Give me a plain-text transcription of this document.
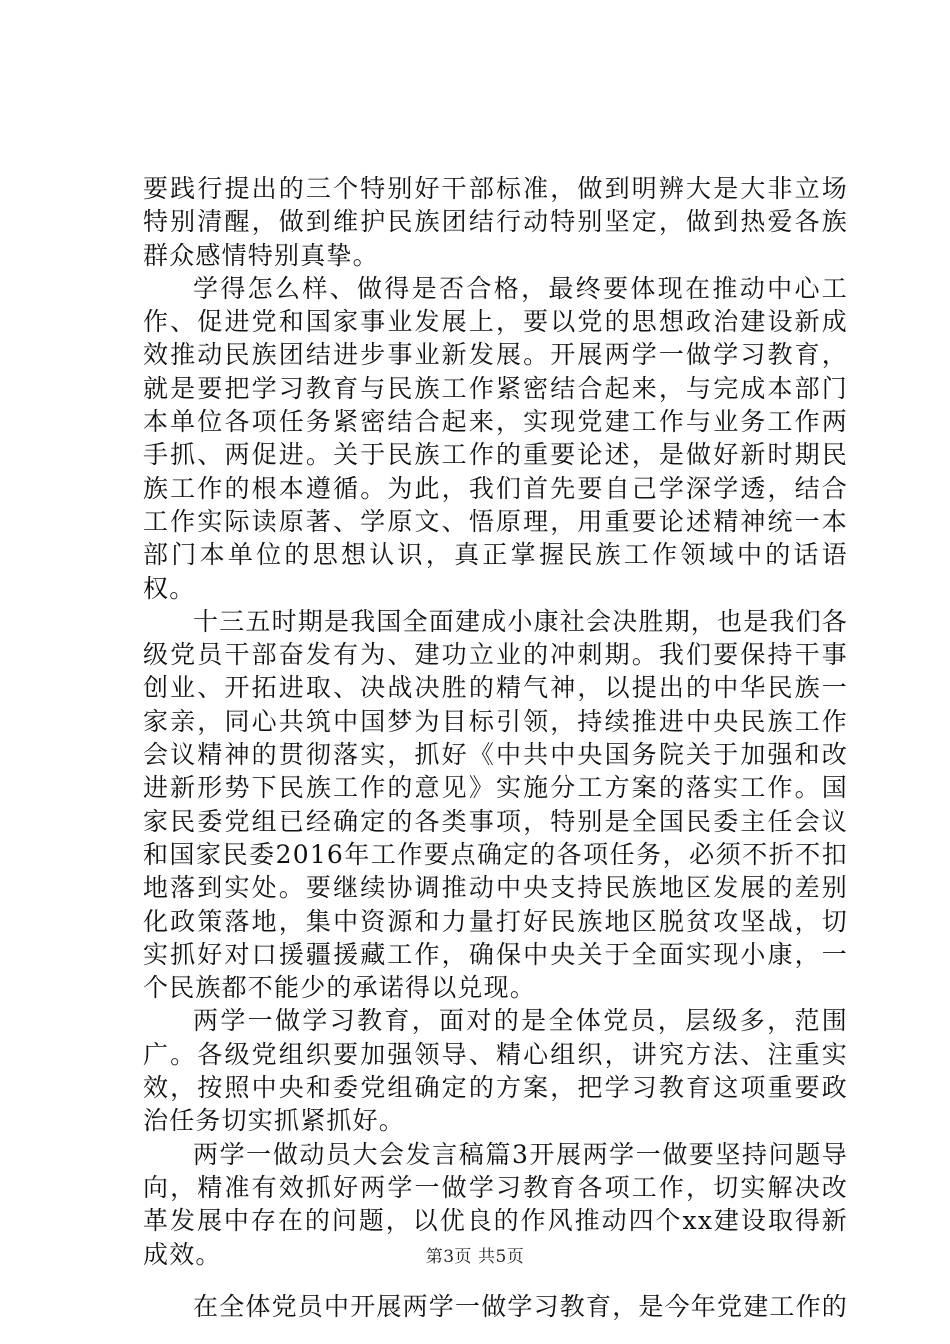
要践行提出的三个特别好干部标准，做到明辨大是大非立场特别清醒，做到维护民族团结行动特别坚定，做到热爱各族群众感情特别真挚。

学得怎么样、做得是否合格，最终要体现在推动中心工作、促进党和国家事业发展上，要以党的思想政治建设新成效推动民族团结进步事业新发展。开展两学一做学习教育，就是要把学习教育与民族工作紧密结合起来，与完成本部门本单位各项任务紧密结合起来，实现党建工作与业务工作两手抓、两促进。关于民族工作的重要论述，是做好新时期民族工作的根本遵循。为此，我们首先要自己学深学透，结合工作实际读原著、学原文、悟原理，用重要论述精神统一本部门本单位的思想认识，真正掌握民族工作领域中的话语权。

十三五时期是我国全面建成小康社会决胜期，也是我们各级党员干部奋发有为、建功立业的冲刺期。我们要保持干事创业、开拓进取、决战决胜的精气神，以提出的中华民族一家亲，同心共筑中国梦为目标引领，持续推进中央民族工作会议精神的贯彻落实，抓好《中共中央国务院关于加强和改进新形势下民族工作的意见》实施分工方案的落实工作。国家民委党组已经确定的各类事项，特别是全国民委主任会议和国家民委2016年工作要点确定的各项任务，必须不折不扣地落到实处。要继续协调推动中央支持民族地区发展的差别化政策落地，集中资源和力量打好民族地区脱贫攻坚战，切实抓好对口援疆援藏工作，确保中央关于全面实现小康，一个民族都不能少的承诺得以兑现。

两学一做学习教育，面对的是全体党员，层级多，范围广。各级党组织要加强领导、精心组织，讲究方法、注重实效，按照中央和委党组确定的方案，把学习教育这项重要政治任务切实抓紧抓好。

两学一做动员大会发言稿篇3开展两学一做要坚持问题导向，精准有效抓好两学一做学习教育各项工作，切实解决改革发展中存在的问题，以优良的作风推动四个xx建设取得新成效。

在全体党员中开展两学一做学习教育，是今年党建工作的

第3页 共5页
